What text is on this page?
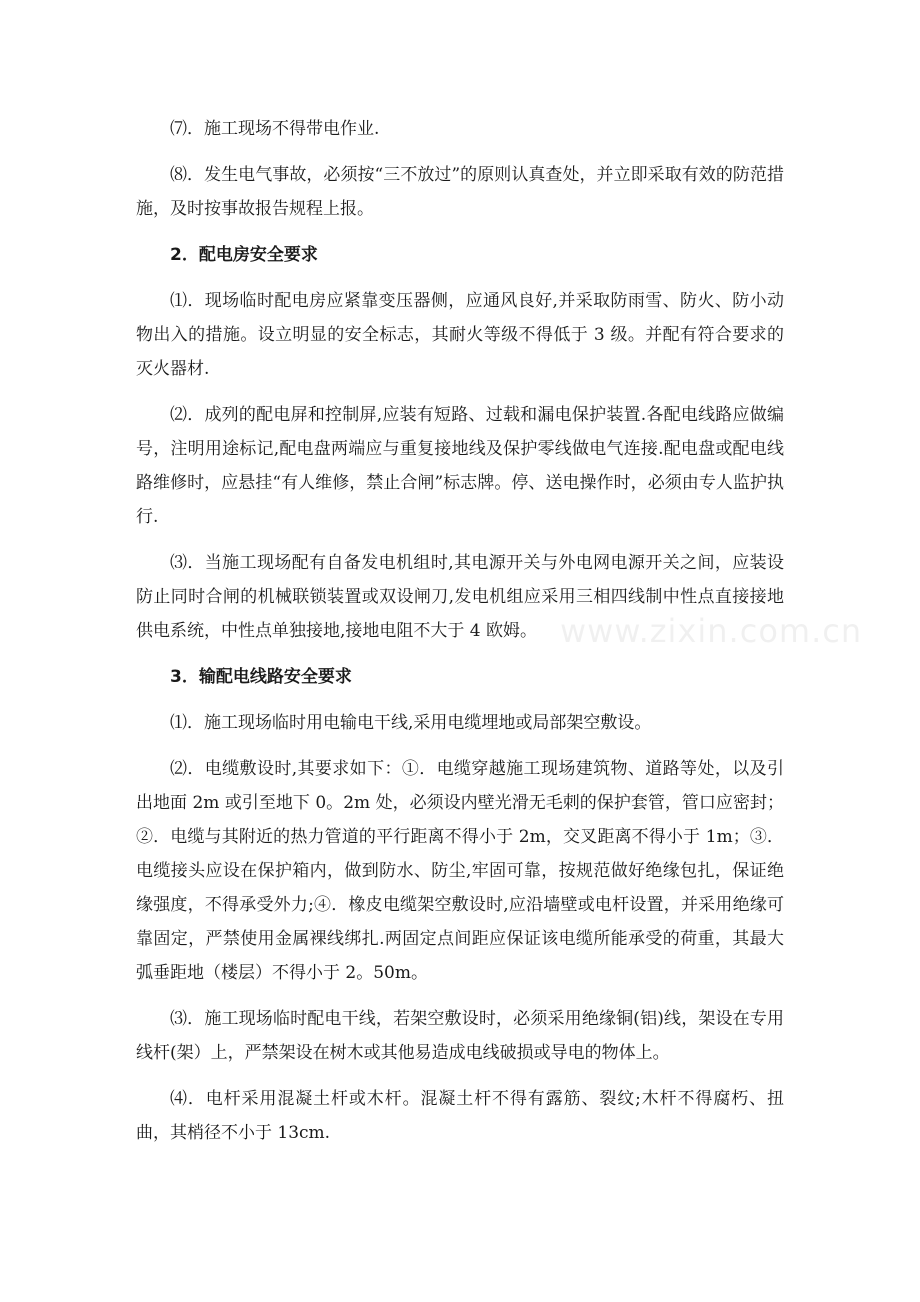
⑺．施工现场不得带电作业.

⑻．发生电气事故，必须按“三不放过”的原则认真查处，并立即采取有效的防范措施，及时按事故报告规程上报。

2．配电房安全要求

⑴．现场临时配电房应紧靠变压器侧，应通风良好,并采取防雨雪、防火、防小动物出入的措施。设立明显的安全标志，其耐火等级不得低于 3 级。并配有符合要求的灭火器材.

⑵．成列的配电屏和控制屏,应装有短路、过载和漏电保护装置.各配电线路应做编号，注明用途标记,配电盘两端应与重复接地线及保护零线做电气连接.配电盘或配电线路维修时，应悬挂“有人维修，禁止合闸”标志牌。停、送电操作时，必须由专人监护执行.

⑶．当施工现场配有自备发电机组时,其电源开关与外电网电源开关之间，应装设防止同时合闸的机械联锁装置或双设闸刀,发电机组应采用三相四线制中性点直接接地供电系统，中性点单独接地,接地电阻不大于 4 欧姆。

3．输配电线路安全要求

⑴．施工现场临时用电输电干线,采用电缆埋地或局部架空敷设。

⑵．电缆敷设时,其要求如下：①．电缆穿越施工现场建筑物、道路等处，以及引出地面 2m 或引至地下 0。2m 处，必须设内壁光滑无毛刺的保护套管，管口应密封；②．电缆与其附近的热力管道的平行距离不得小于 2m，交叉距离不得小于 1m；③．电缆接头应设在保护箱内，做到防水、防尘,牢固可靠，按规范做好绝缘包扎，保证绝缘强度，不得承受外力;④．橡皮电缆架空敷设时,应沿墙壁或电杆设置，并采用绝缘可靠固定，严禁使用金属裸线绑扎.两固定点间距应保证该电缆所能承受的荷重，其最大弧垂距地（楼层）不得小于 2。50m。

⑶．施工现场临时配电干线，若架空敷设时，必须采用绝缘铜(铝)线，架设在专用线杆(架）上，严禁架设在树木或其他易造成电线破损或导电的物体上。

⑷．电杆采用混凝土杆或木杆。混凝土杆不得有露筋、裂纹;木杆不得腐朽、扭曲，其梢径不小于 13cm.

www.zixin.com.cn
